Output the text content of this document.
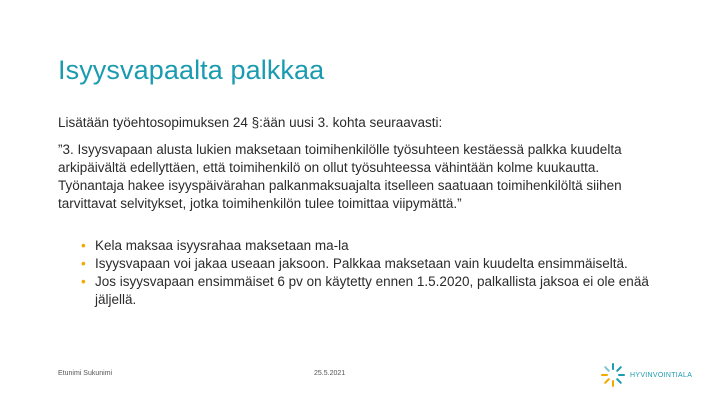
Isyysvapaalta palkkaa
Lisätään työehtosopimuksen 24 §:ään uusi 3. kohta seuraavasti:
”3. Isyysvapaan alusta lukien maksetaan toimihenkilölle työsuhteen kestäessä palkka kuudelta arkipäivältä edellyttäen, että toimihenkilö on ollut työsuhteessa vähintään kolme kuukautta. Työnantaja hakee isyyspäivärahan palkanmaksuajalta itselleen saatuaan toimihenkilöltä siihen tarvittavat selvitykset, jotka toimihenkilön tulee toimittaa viipymättä.”
• Kela maksaa isyysrahaa maksetaan ma-la
• Isyysvapaan voi jakaa useaan jaksoon. Palkkaa maksetaan vain kuudelta ensimmäiseltä.
• Jos isyysvapaan ensimmäiset 6 pv on käytetty ennen 1.5.2020, palkallista jaksoa ei ole enää jäljellä.
Etunimi Sukunimi	25.5.2021	HYVINVOINTIALA
